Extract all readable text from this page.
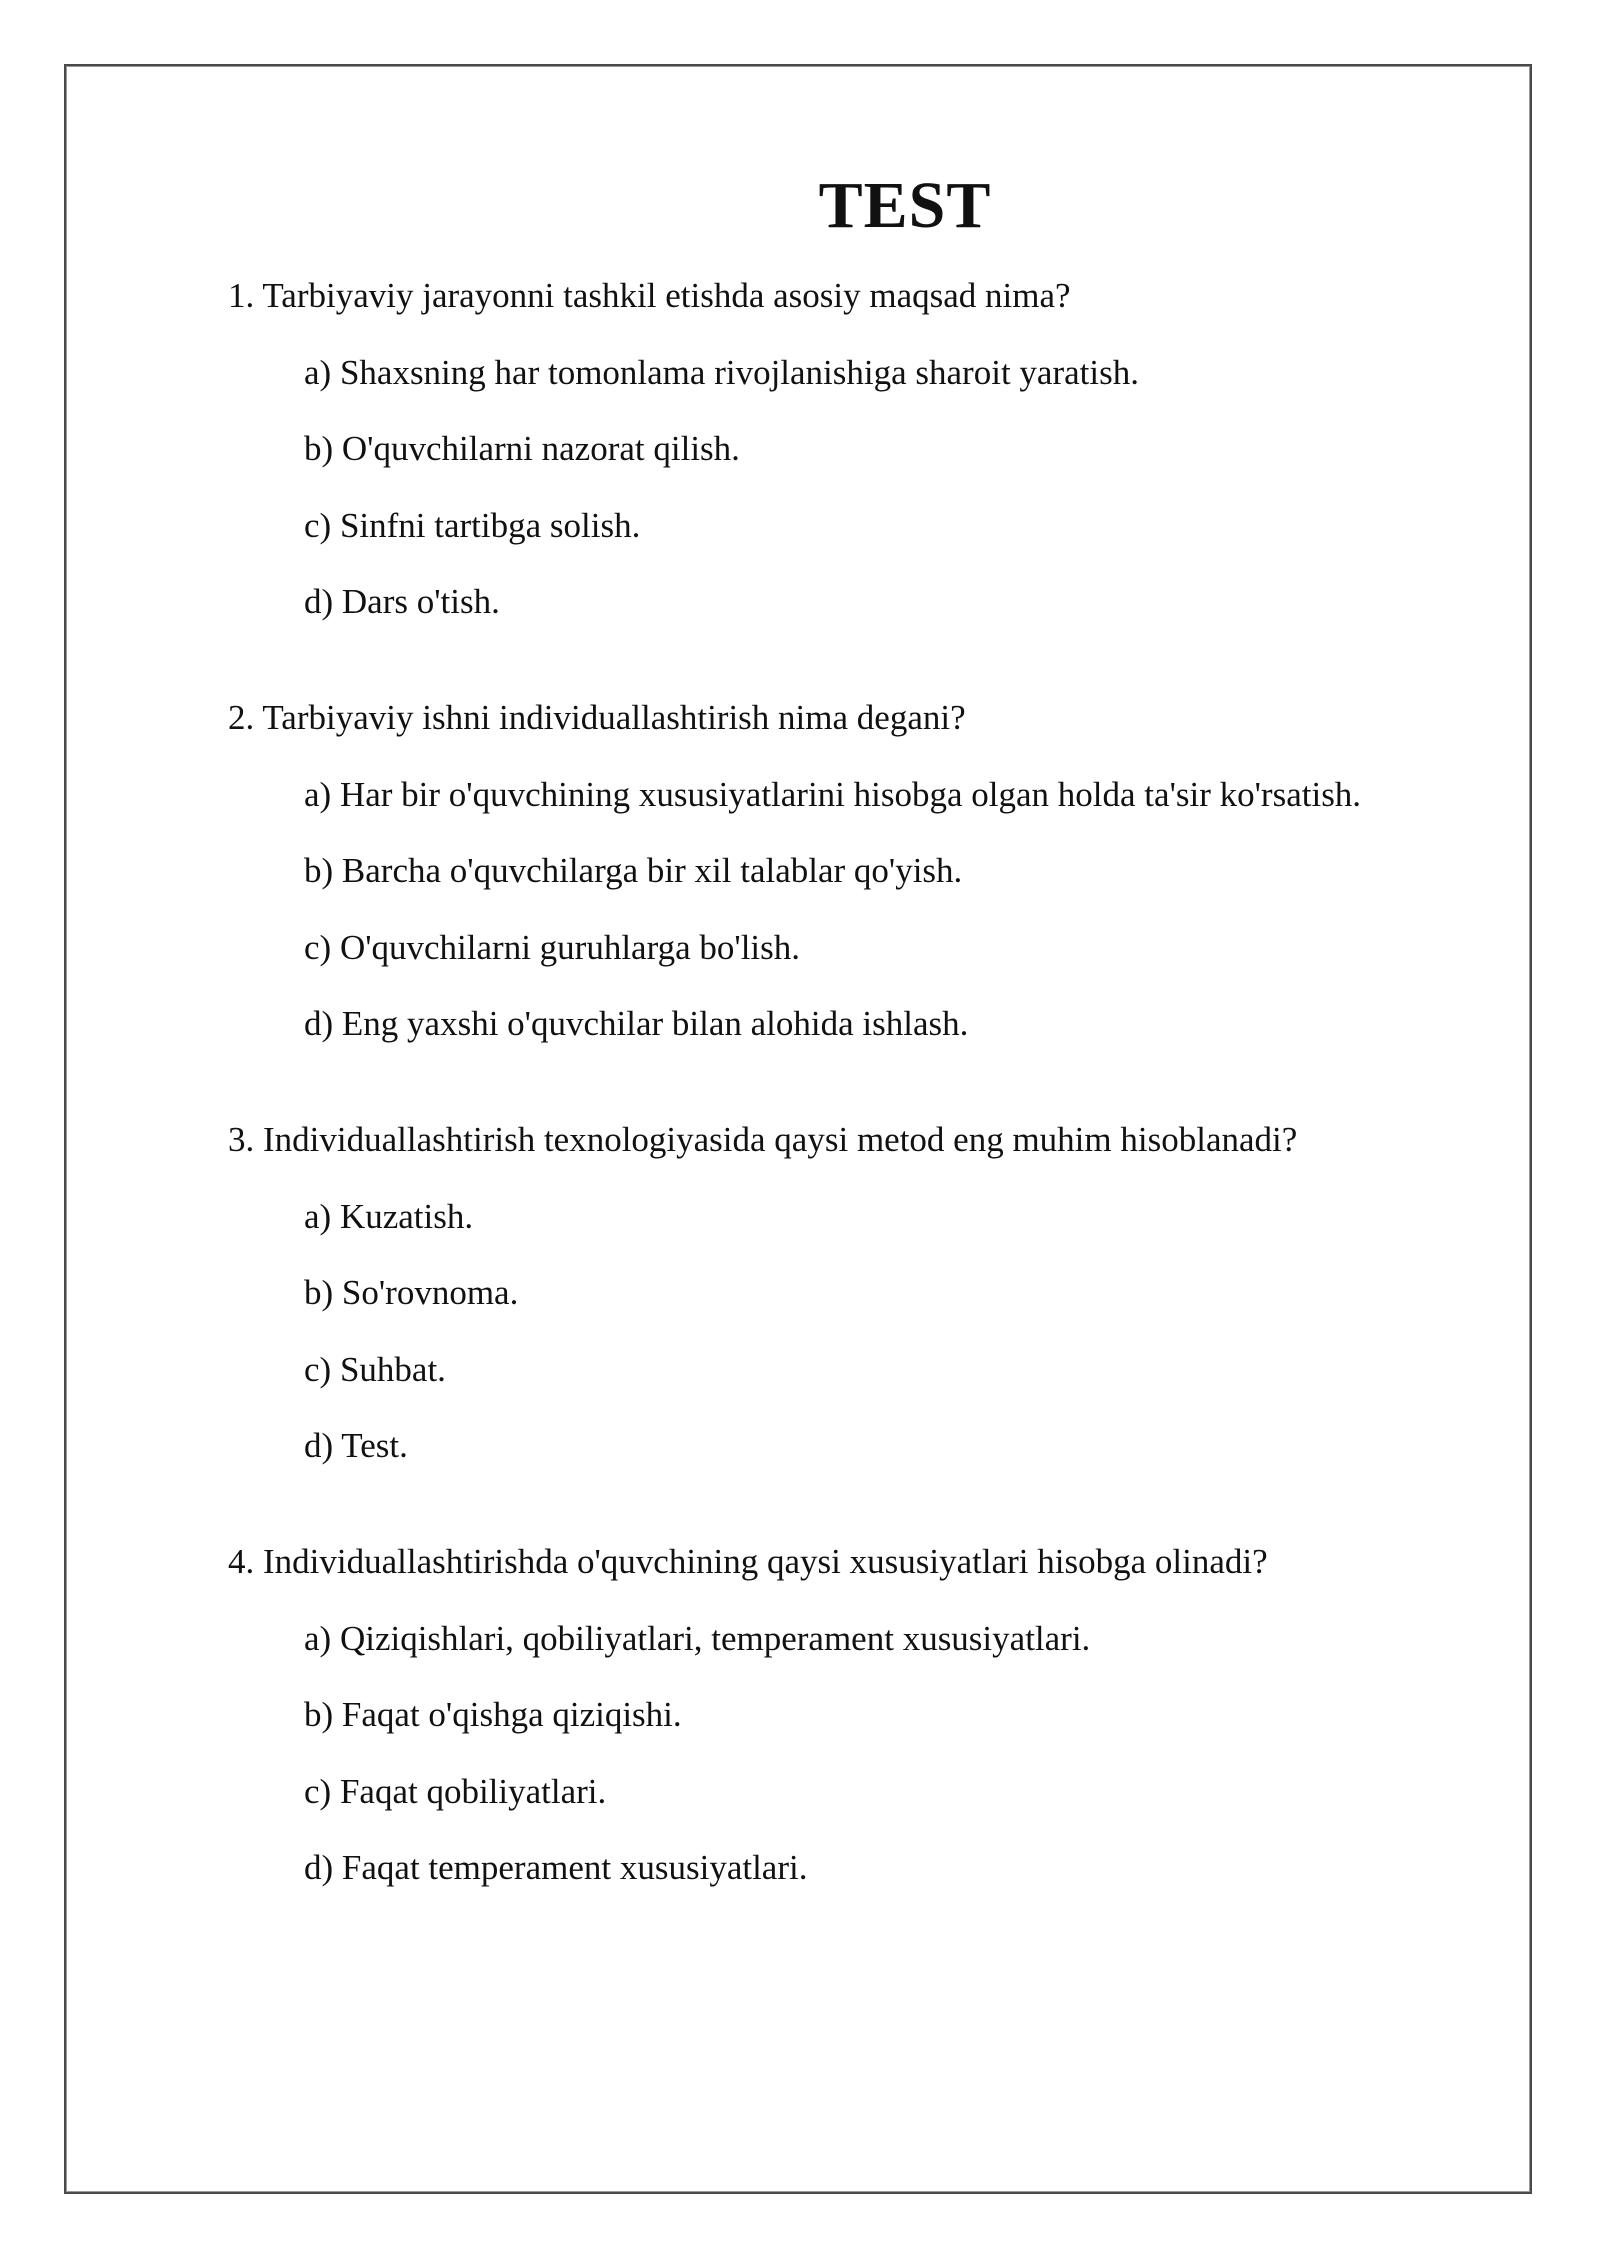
TEST
1. Tarbiyaviy jarayonni tashkil etishda asosiy maqsad nima?
a) Shaxsning har tomonlama rivojlanishiga sharoit yaratish.
b) O'quvchilarni nazorat qilish.
c) Sinfni tartibga solish.
d) Dars o'tish.
2. Tarbiyaviy ishni individuallashtirish nima degani?
a) Har bir o'quvchining xususiyatlarini hisobga olgan holda ta'sir ko'rsatish.
b) Barcha o'quvchilarga bir xil talablar qo'yish.
c) O'quvchilarni guruhlarga bo'lish.
d) Eng yaxshi o'quvchilar bilan alohida ishlash.
3. Individuallashtirish texnologiyasida qaysi metod eng muhim hisoblanadi?
a) Kuzatish.
b) So'rovnoma.
c) Suhbat.
d) Test.
4. Individuallashtirishda o'quvchining qaysi xususiyatlari hisobga olinadi?
a) Qiziqishlari, qobiliyatlari, temperament xususiyatlari.
b) Faqat o'qishga qiziqishi.
c) Faqat qobiliyatlari.
d) Faqat temperament xususiyatlari.
